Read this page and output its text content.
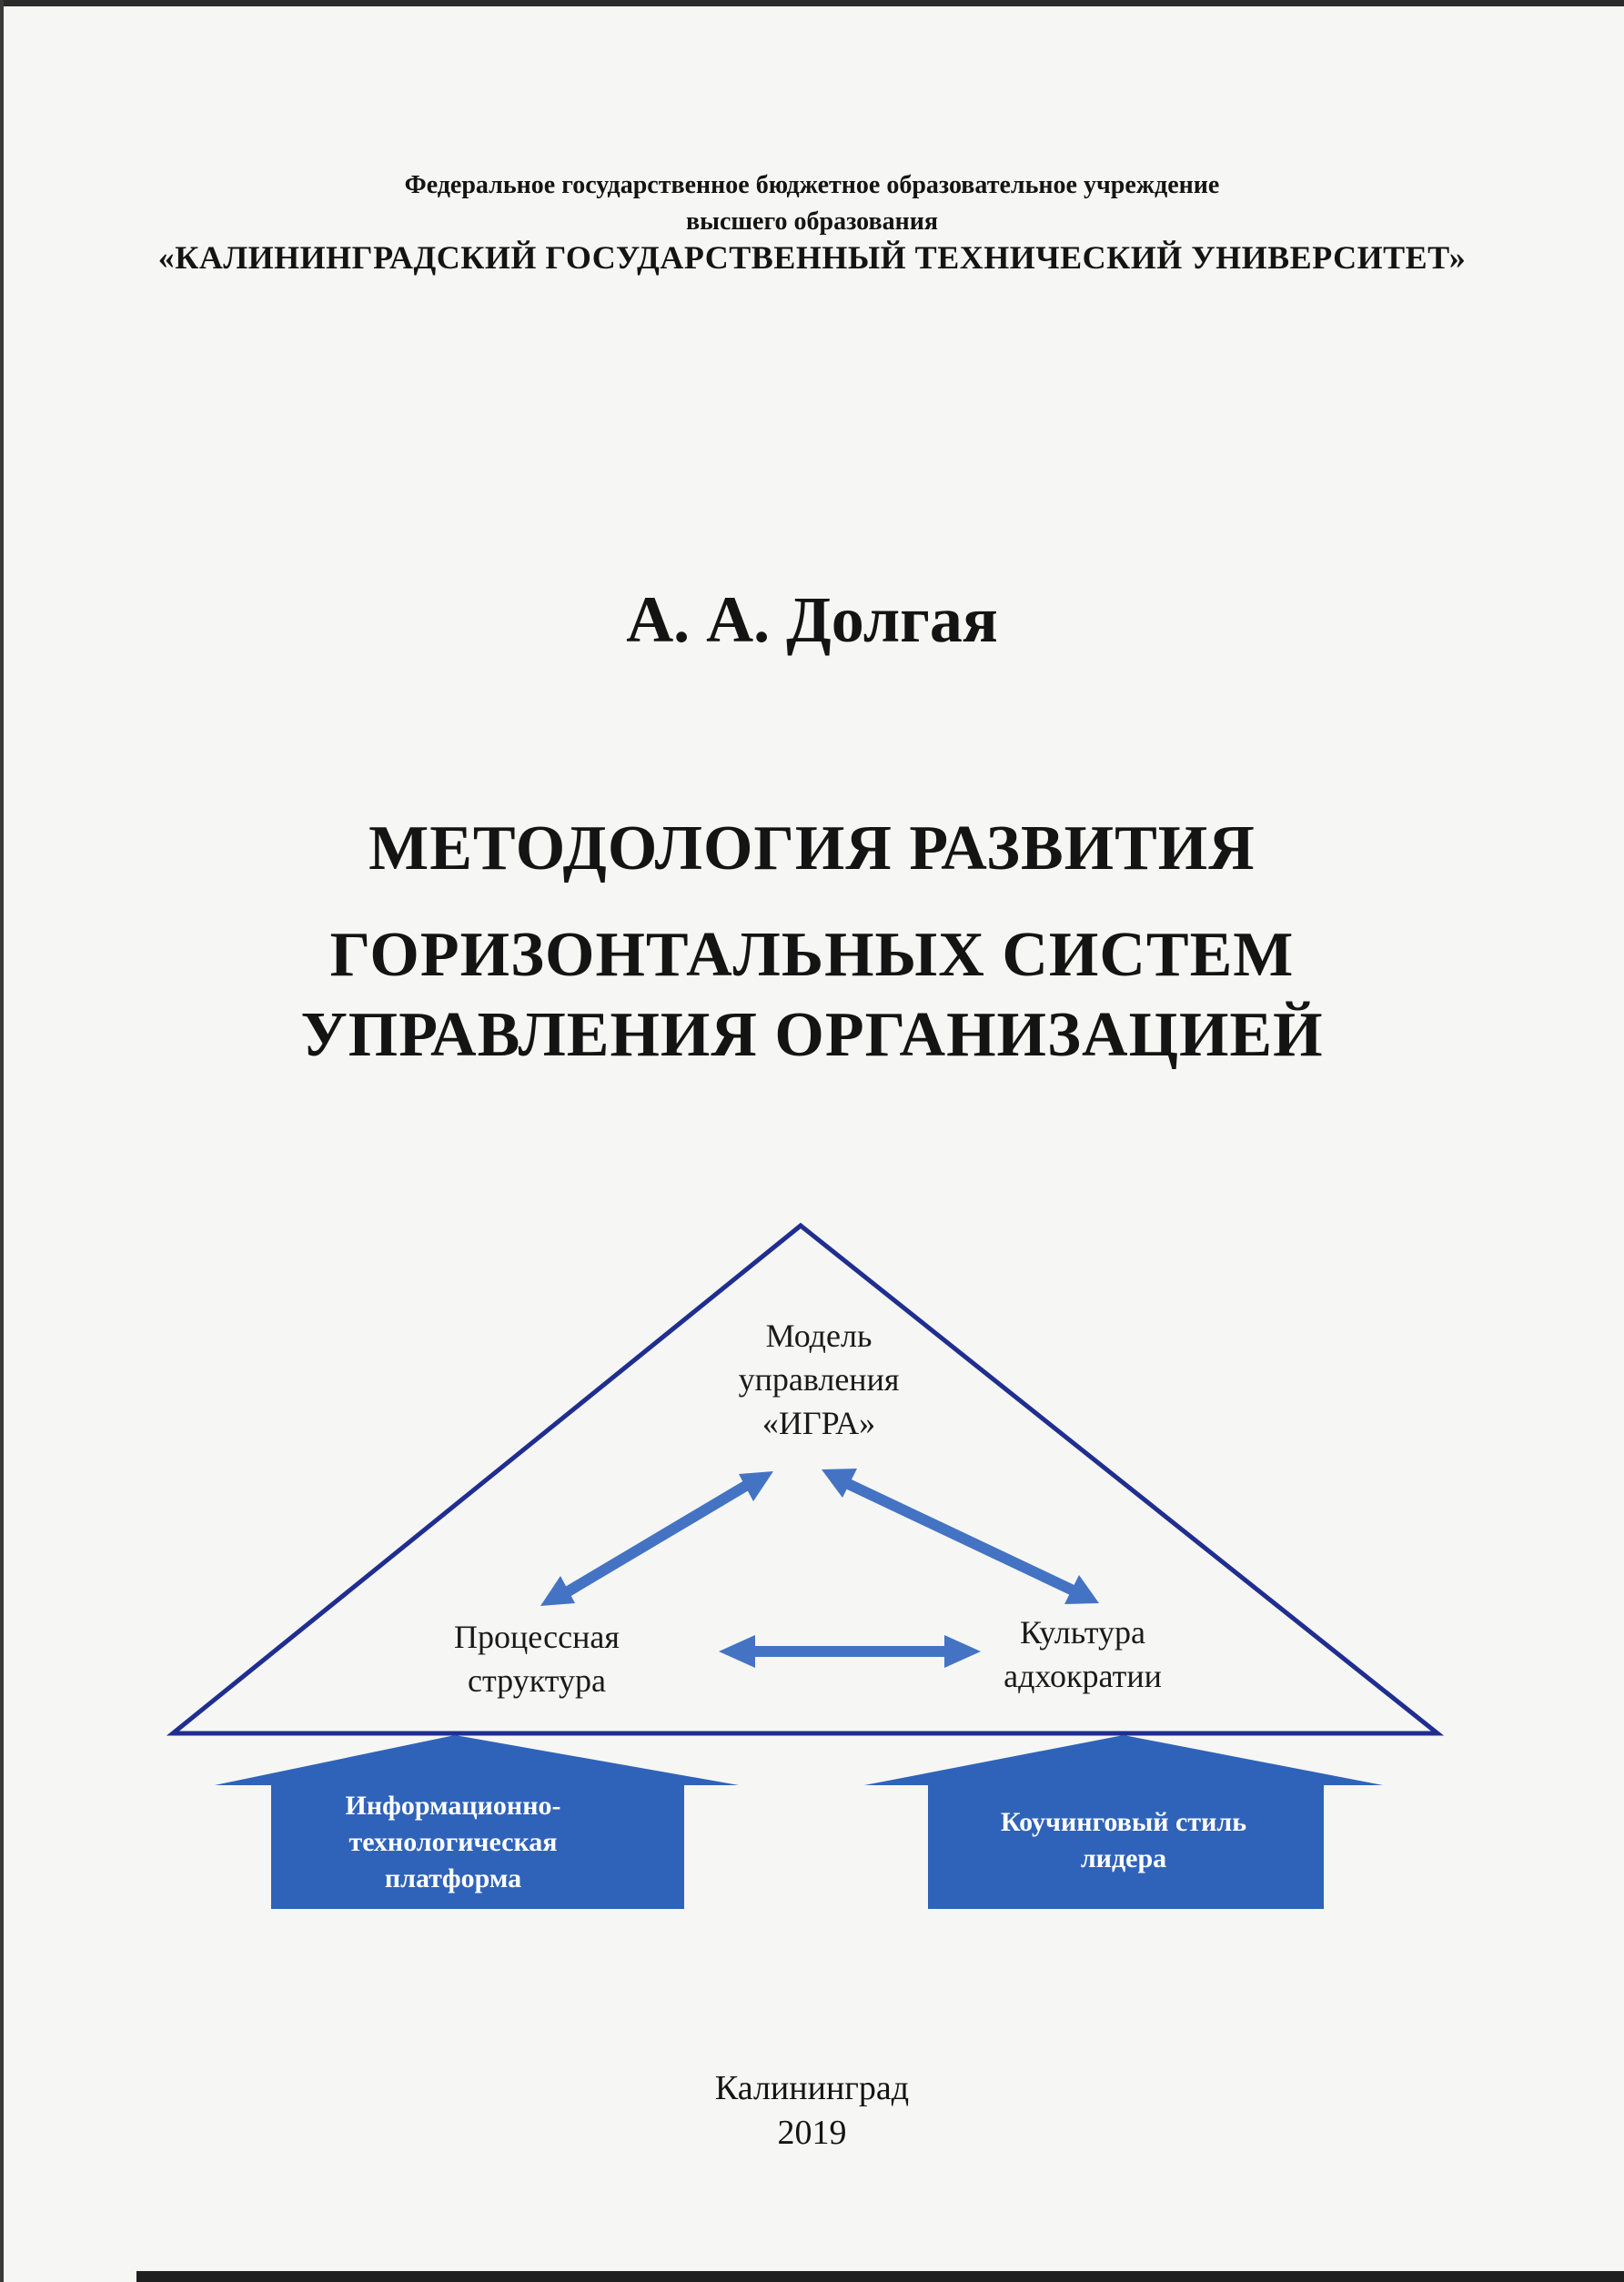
Федеральное государственное бюджетное образовательное учреждение
высшего образования
«КАЛИНИНГРАДСКИЙ ГОСУДАРСТВЕННЫЙ ТЕХНИЧЕСКИЙ УНИВЕРСИТЕТ»
А. А. Долгая
МЕТОДОЛОГИЯ РАЗВИТИЯ
ГОРИЗОНТАЛЬНЫХ СИСТЕМ
УПРАВЛЕНИЯ ОРГАНИЗАЦИЕЙ
Модель
управления
«ИГРА»
Процессная
структура
Культура
адхократии
Информационно-
технологическая
платформа
Коучинговый стиль
лидера
Калининград
2019
